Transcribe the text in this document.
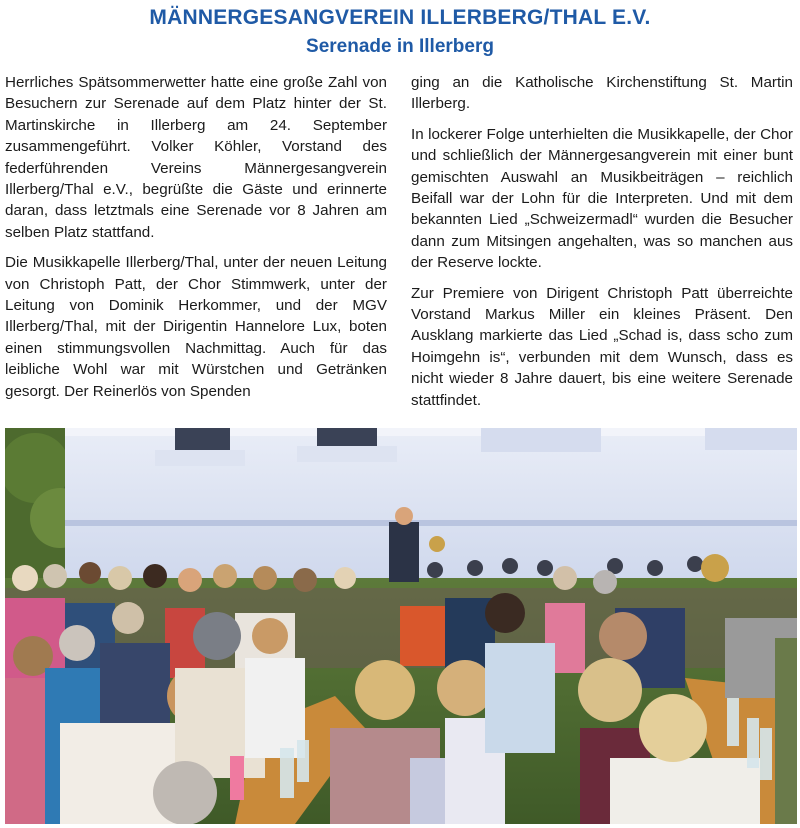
MÄNNERGESANGVEREIN ILLERBERG/THAL E.V.
Serenade in Illerberg

Herrliches Spätsommerwetter hatte eine große Zahl von Besuchern zur Serenade auf dem Platz hinter der St. Martinskirche in Illerberg am 24. September zusammengeführt. Volker Köhler, Vorstand des federführenden Vereins Männergesangverein Illerberg/Thal e.V., begrüßte die Gäste und erinnerte daran, dass letztmals eine Serenade vor 8 Jahren am selben Platz stattfand.

Die Musikkapelle Illerberg/Thal, unter der neuen Leitung von Christoph Patt, der Chor Stimmwerk, unter der Leitung von Dominik Herkommer, und der MGV Illerberg/Thal, mit der Dirigentin Hannelore Lux, boten einen stimmungsvollen Nachmittag. Auch für das leibliche Wohl war mit Würstchen und Getränken gesorgt. Der Reinerlös von Spenden

ging an die Katholische Kirchenstiftung St. Martin Illerberg.

In lockerer Folge unterhielten die Musikkapelle, der Chor und schließlich der Männergesangverein mit einer bunt gemischten Auswahl an Musikbeiträgen – reichlich Beifall war der Lohn für die Interpreten. Und mit dem bekannten Lied „Schweizermadl“ wurden die Besucher dann zum Mitsingen angehalten, was so manchen aus der Reserve lockte.

Zur Premiere von Dirigent Christoph Patt überreichte Vorstand Markus Miller ein kleines Präsent. Den Ausklang markierte das Lied „Schad is, dass scho zum Hoimgehn is“, verbunden mit dem Wunsch, dass es nicht wieder 8 Jahre dauert, bis eine weitere Serenade stattfindet.
